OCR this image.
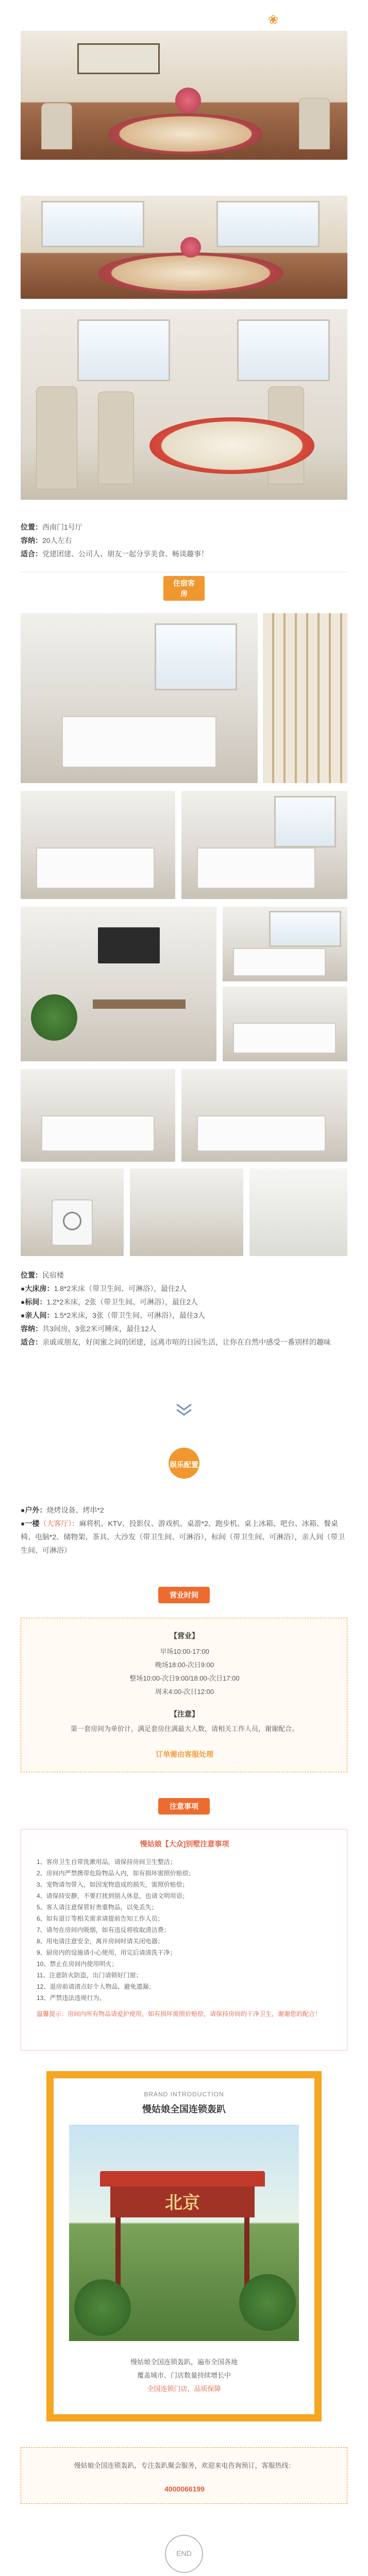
❀
位置：西南门1号厅
容纳：20人左右
适合：党建团建、公司人、朋友一起分享美食、畅谈趣事！
住宿客房
位置：民宿楼
●大床房：1.8*2米床（带卫生间、可淋浴），最住2人
●标间：1.2*2米床，2张（带卫生间、可淋浴），最住2人
●亲人间：1.5*2米床，3张（带卫生间、可淋浴），最住3人
容纳：共3间房，3张2米可睡床，最住12人
适合：亲戚或朋友，好闺蜜之间的团建，远离市喧的日园生活，让你在自然中感受一番别样的趣味
娱乐配置
●户外：烧烤设备、烤串*2
●一楼（大客厅）：麻将机、KTV、投影仪、游戏机、桌游*2、跑步机、桌上冰箱、吧台、冰箱、餐桌椅、电脑*2、储物架、茶具、大沙发（带卫生间、可淋浴），标间（带卫生间、可淋浴），亲人间（带卫生间、可淋浴）
营业时间
【营业】
早场10:00-17:00
晚场18:00-次日9:00
整场10:00-次日9:00/18:00-次日17:00
周末4:00-次日12:00
【注意】
第一套房间为单价计，满足套房住满最大人数，请相关工作人员，谢谢配合。
订单需由客服处理
注意事项
慢姑娘【大众]别墅注意事项
1、客房卫生自带洗漱用品，请保持房间卫生整洁；
2、房间内严禁携带危险物品入内，如有损坏需照价赔偿；
3、宠物请勿带入，如因宠物造成的损失，需照价赔偿；
4、请保持安静，不要打扰到别人休息，也请文明用语；
5、客人请注意保管好贵重物品，以免丢失；
6、如有退订等相关需求请提前告知工作人员；
7、请勿在房间内吸烟，如有违反将收取清洁费；
8、用电请注意安全，离开房间时请关闭电器；
9、厨房内的设施请小心使用，用完后请清洗干净；
10、禁止在房间内使用明火；
11、注意防火防盗，出门请锁好门窗；
12、退房前请清点好个人物品，避免遗漏；
13、严禁违法违规行为。
温馨提示：房间内所有物品请爱护使用，如有损坏需照价赔偿，请保持房间的干净卫生，谢谢您的配合！
BRAND INTRODUCTION
慢姑娘全国连锁轰趴
北京
慢姑娘全国连锁轰趴，遍布全国各地
覆盖城市、门店数量持续增长中
全国连锁门店，品质保障
慢姑娘全国连锁轰趴，专注轰趴聚会服务，欢迎来电咨询预订，客服热线：
4000066199
END
